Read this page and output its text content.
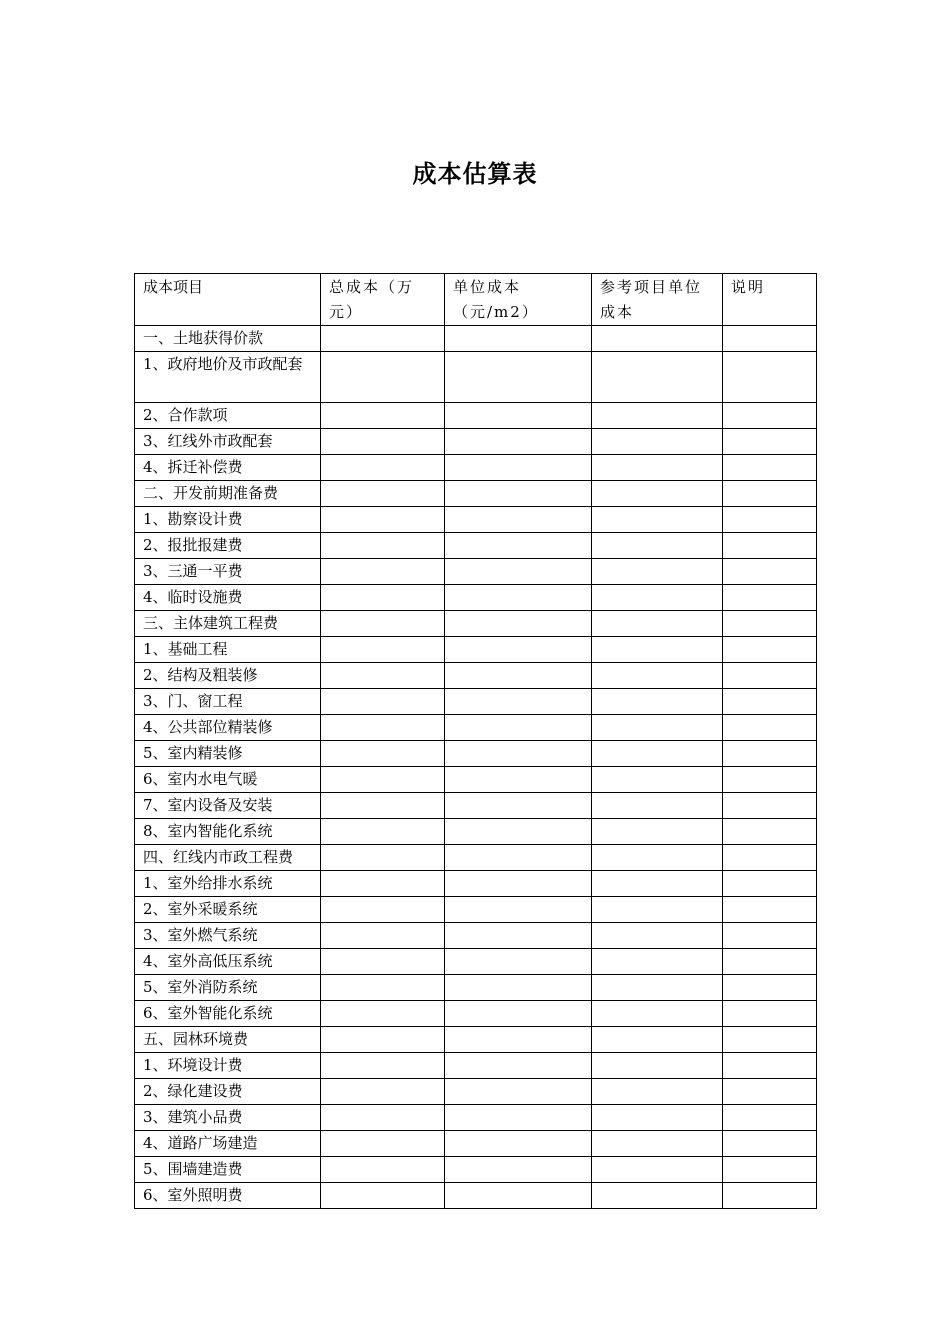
成本估算表
成本项目	总成本（万元）	单位成本（元/m2）	参考项目单位成本	说明
一、土地获得价款				
1、政府地价及市政配套				
2、合作款项				
3、红线外市政配套				
4、拆迁补偿费				
二、开发前期准备费				
1、勘察设计费				
2、报批报建费				
3、三通一平费				
4、临时设施费				
三、主体建筑工程费				
1、基础工程				
2、结构及粗装修				
3、门、窗工程				
4、公共部位精装修				
5、室内精装修				
6、室内水电气暖				
7、室内设备及安装				
8、室内智能化系统				
四、红线内市政工程费				
1、室外给排水系统				
2、室外采暖系统				
3、室外燃气系统				
4、室外高低压系统				
5、室外消防系统				
6、室外智能化系统				
五、园林环境费				
1、环境设计费				
2、绿化建设费				
3、建筑小品费				
4、道路广场建造				
5、围墙建造费				
6、室外照明费				
